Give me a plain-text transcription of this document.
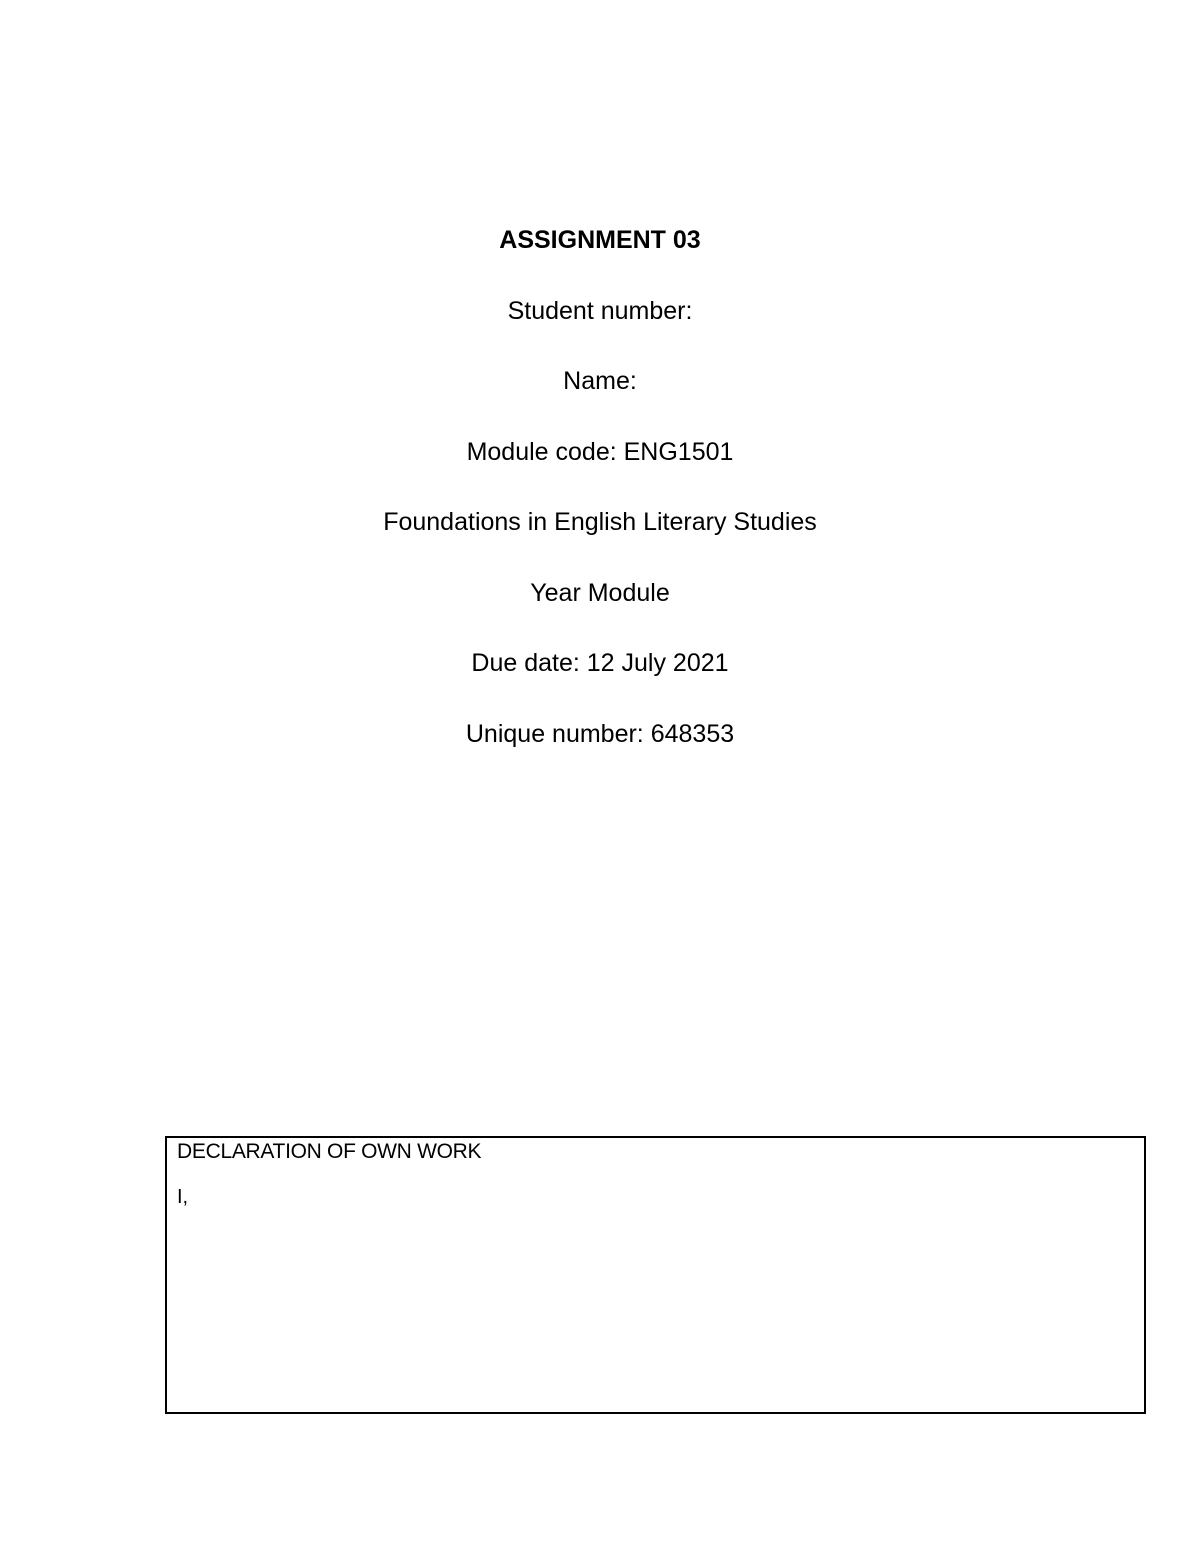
ASSIGNMENT 03
Student number:
Name:
Module code: ENG1501
Foundations in English Literary Studies
Year Module
Due date: 12 July 2021
Unique number: 648353
DECLARATION OF OWN WORK
I,
